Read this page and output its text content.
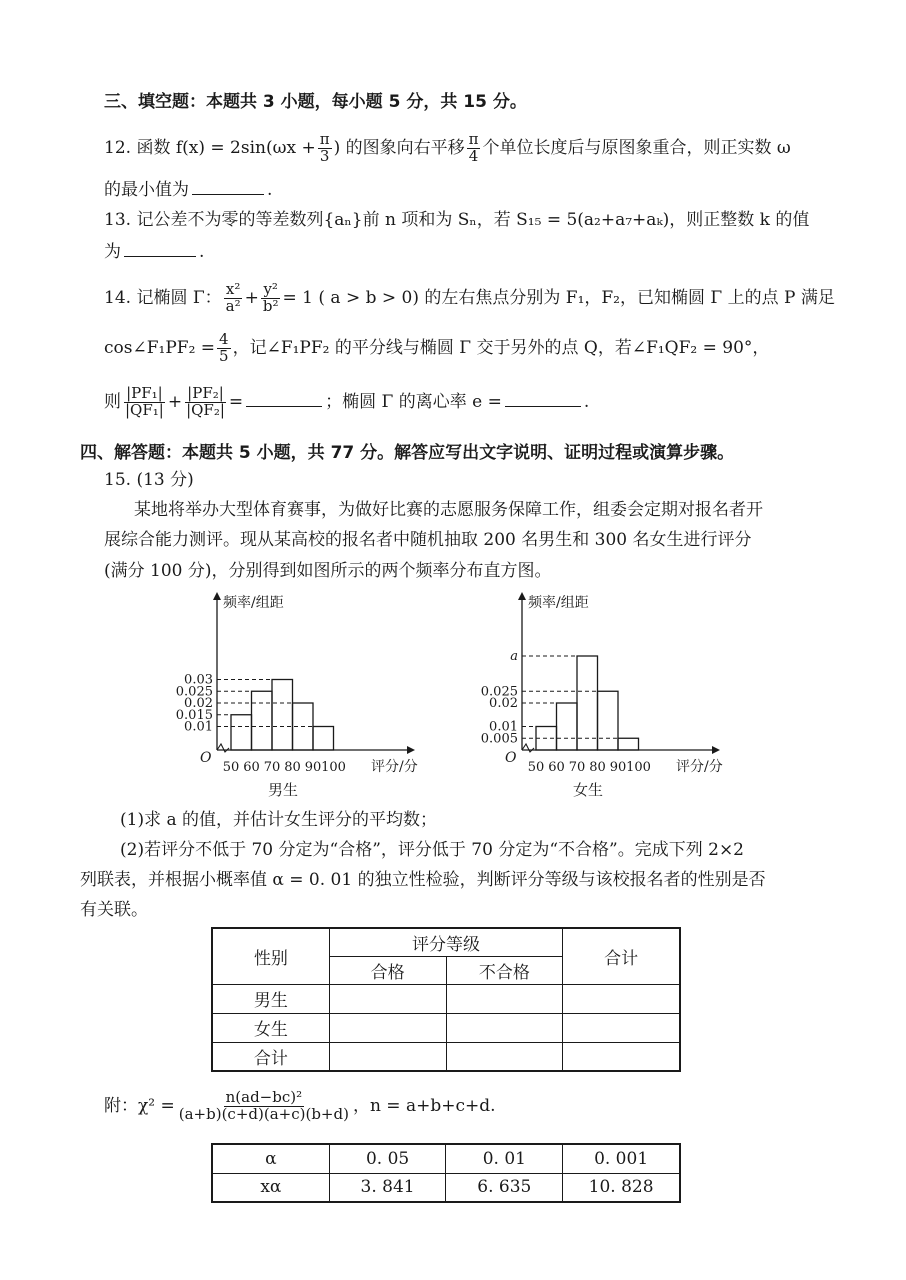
三、填空题：本题共 3 小题，每小题 5 分，共 15 分。
12. 函数 $f(x) = 2\sin(\omega x + \frac{\pi}{3}$ ) 的图象向右平移 $\frac{\pi}{4}$ 个单位长度后与原图象重合，则正实数 ω
的最小值为	.
13. 记公差不为零的等差数列{aₙ}前 n 项和为 Sₙ，若 S₁₅ = 5(a₂+a₇+aₖ)，则正整数 k 的值
为	.
14. 记椭圆 Γ： $\frac{\text{x²}}{\text{a²}} + \frac{\text{y²}}{\text{b²}} = 1$ ( a > b > 0) 的左右焦点分别为 F₁，F₂，已知椭圆 Γ 上的点 P 满足
cos∠F₁PF₂ = $\frac{4}{5}$ ，记∠F₁PF₂ 的平分线与椭圆 Γ 交于另外的点 Q，若∠F₁QF₂ = 90°，
则 $\frac{\text{|PF₁|}}{\text{|QF₁|}} + \frac{\text{|PF₂|}}{\text{|QF₂|}}$ =	；椭圆 Γ 的离心率 e =	.
四、解答题：本题共 5 小题，共 77 分。解答应写出文字说明、证明过程或演算步骤。
15. (13 分)
某地将举办大型体育赛事，为做好比赛的志愿服务保障工作，组委会定期对报名者开
展综合能力测评。现从某高校的报名者中随机抽取 200 名男生和 300 名女生进行评分
(满分 100 分)，分别得到如图所示的两个频率分布直方图。
频率/组距
O
0.01
0.015
0.02
0.025
0.03
50 60 70 80 90 100 评分/分
男生
频率/组距
O
0.005
0.01
0.02
0.025
a
50 60 70 80 90 100 评分/分
女生
(1)求 a 的值，并估计女生评分的平均数；
(2)若评分不低于 70 分定为“合格”，评分低于 70 分定为“不合格”。完成下列 2×2
列联表，并根据小概率值 α = 0. 01 的独立性检验，判断评分等级与该校报名者的性别是否
有关联。
性别	评分等级		合计
	合格	不合格	
男生			
女生			
合计			
附：$\chi^2 = \frac{\text{n(ad−bc)²}}{(a+b)(c+d)(a+c)(b+d)}$ ，n = a+b+c+d.
α	0. 05	0. 01	0. 001
xα	3. 841	6. 635	10. 828
